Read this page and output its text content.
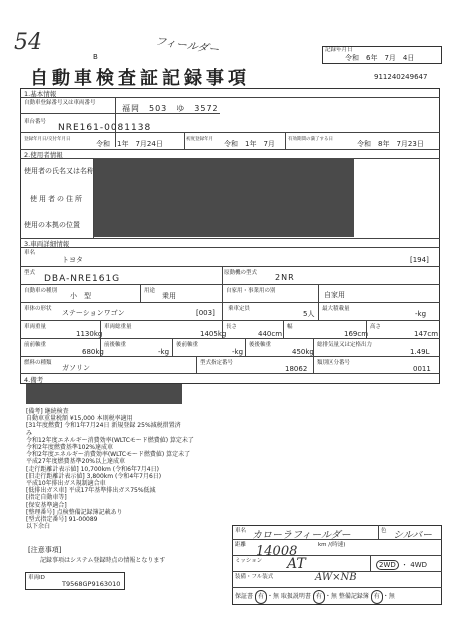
54
B
フィールダー	記録年月日
令和　6年　7月　4日
自動車検査証記録事項	911240249647
1.基本情報
自動車登録番号又は車両番号
福岡　503　ゆ　3572
車台番号
NRE161-0081138
登録年月日/交付年月日
令和　1年　7月24日
初度登録年月
令和　1年　7月
有効期間の満了する日
令和　8年　7月23日
2.使用者情報
使用者の氏名又は名称
使用者の住所
使用の本拠の位置
3.車両詳細情報
車名
トヨタ	[194]
型式
DBA-NRE161G
原動機の型式 2NR
自動車の種別
小　型
用途
乗用
自家用・事業用の別	自家用
車体の形状 ステーションワゴン	[003] 乗車定員
5人
最大積載量
-kg
車両重量
1130kg
車両総重量
1405kg
長さ
440cm
幅
169cm
高さ
147cm
前前軸重
680kg
前後軸重
-kg
後前軸重
-kg
後後軸重
450kg
総排気量又は定格出力
1.49L
燃料の種類
ガソリン
型式指定番号
18062
類別区分番号
0011
4.備考
[備考] 継続検査
自動車重量税額 ¥15,000 本則税率適用
[31年度燃費] 令和1年7月24日 新規登録 25%減税措置済
み
令和12年度エネルギー消費効率(WLTCモード燃費値) 算定未了
令和2年度燃費基準102%達成車
令和2年度エネルギー消費効率(WLTCモード燃費値) 算定未了
平成27年度燃費基準20%以上達成車
[走行距離計表示値] 10,700km (令和6年7月4日)
[旧走行距離計表示値] 3,800km (令和4年7月6日)
平成10年排出ガス規制適合車
[低排出ガス車] 平成17年基準排出ガス75%低減
[指定自動車等]
[保安基準適合]
[整理番号] 点検整備記録簿記載あり
[型式指定番号] 91-00089
以下余白
車名 カローラフィールダー	色 シルバー
距離	km /(時速)
14008
ミッション AT	2WD ・ 4WD
装備・フル装式	AW×NB
保証書 有 ・無 取扱説明書 有 ・無 整備記録簿 有 ・無
[注意事項]
記録事項はシステム登録時点の情報となります
車両ID
T9568GP9163010
